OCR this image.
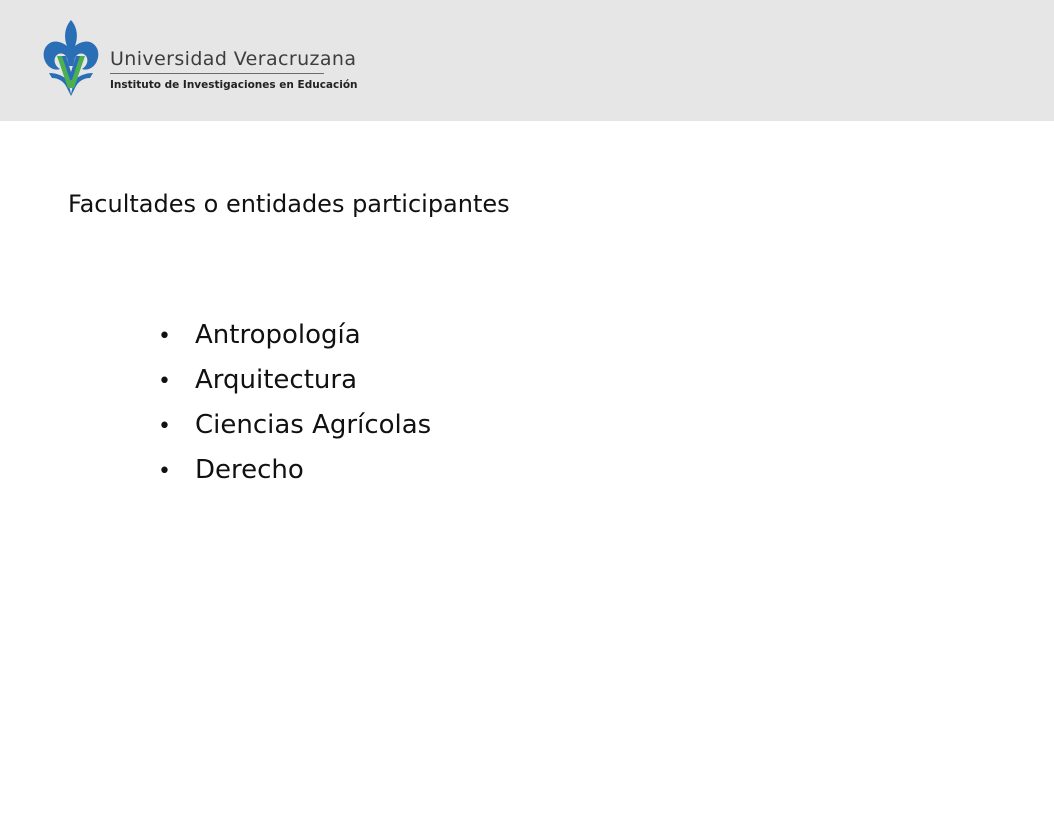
Universidad Veracruzana
Instituto de Investigaciones en Educación
Facultades o entidades participantes
• Antropología
• Arquitectura
• Ciencias Agrícolas
• Derecho
